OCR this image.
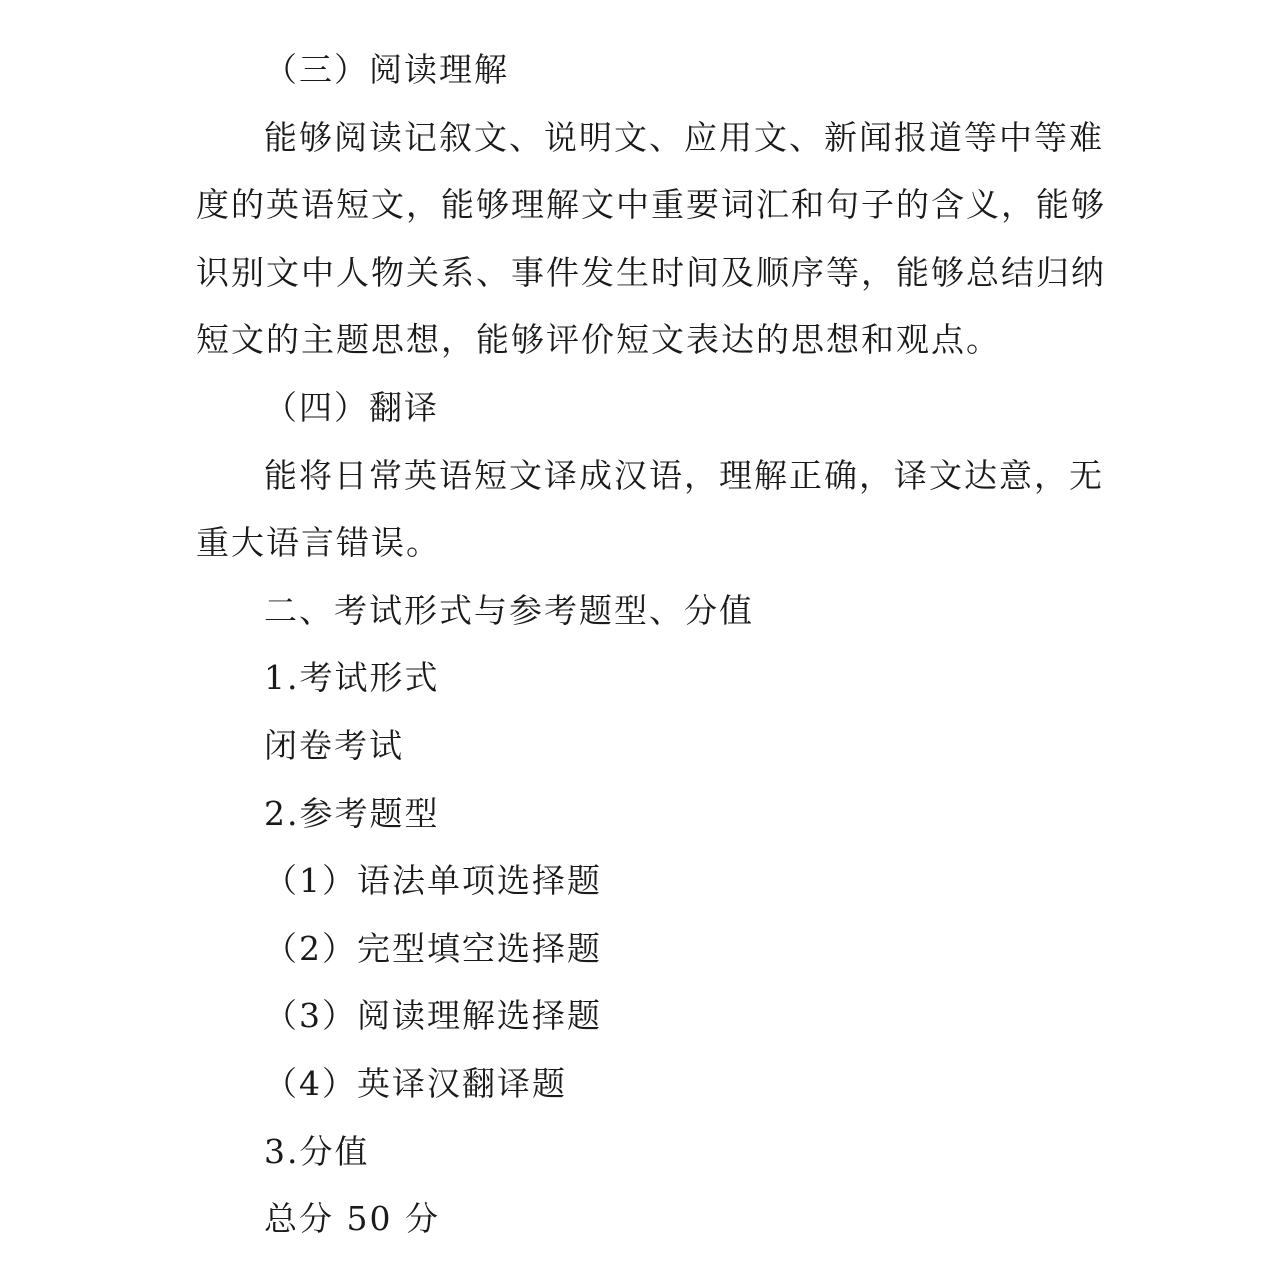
（三）阅读理解
能够阅读记叙文、说明文、应用文、新闻报道等中等难
度的英语短文，能够理解文中重要词汇和句子的含义，能够
识别文中人物关系、事件发生时间及顺序等，能够总结归纳
短文的主题思想，能够评价短文表达的思想和观点。
（四）翻译
能将日常英语短文译成汉语，理解正确，译文达意，无
重大语言错误。
二、考试形式与参考题型、分值
1.考试形式
闭卷考试
2.参考题型
（1）语法单项选择题
（2）完型填空选择题
（3）阅读理解选择题
（4）英译汉翻译题
3.分值
总分 50 分
